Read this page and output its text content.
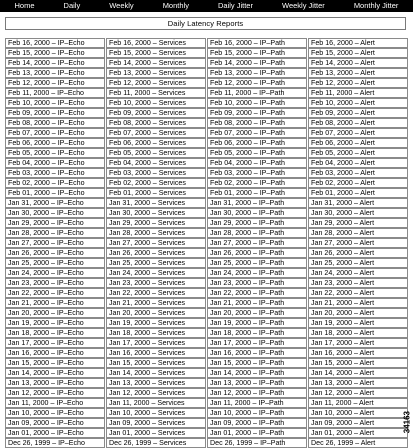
Home	Daily	Weekly	Monthly	Daily Jitter	Weekly Jitter	Monthly Jitter
Daily Latency Reports
Feb 16, 2000 – IP–Echo	Feb 16, 2000 – Services	Feb 16, 2000 – IP–Path	Feb 16, 2000 – Alert
Feb 15, 2000 – IP–Echo	Feb 15, 2000 – Services	Feb 15, 2000 – IP–Path	Feb 15, 2000 – Alert
Feb 14, 2000 – IP–Echo	Feb 14, 2000 – Services	Feb 14, 2000 – IP–Path	Feb 14, 2000 – Alert
Feb 13, 2000 – IP–Echo	Feb 13, 2000 – Services	Feb 13, 2000 – IP–Path	Feb 13, 2000 – Alert
Feb 12, 2000 – IP–Echo	Feb 12, 2000 – Services	Feb 12, 2000 – IP–Path	Feb 12, 2000 – Alert
Feb 11, 2000 – IP–Echo	Feb 11, 2000 – Services	Feb 11, 2000 – IP–Path	Feb 11, 2000 – Alert
Feb 10, 2000 – IP–Echo	Feb 10, 2000 – Services	Feb 10, 2000 – IP–Path	Feb 10, 2000 – Alert
Feb 09, 2000 – IP–Echo	Feb 09, 2000 – Services	Feb 09, 2000 – IP–Path	Feb 09, 2000 – Alert
Feb 08, 2000 – IP–Echo	Feb 08, 2000 – Services	Feb 08, 2000 – IP–Path	Feb 08, 2000 – Alert
Feb 07, 2000 – IP–Echo	Feb 07, 2000 – Services	Feb 07, 2000 – IP–Path	Feb 07, 2000 – Alert
Feb 06, 2000 – IP–Echo	Feb 06, 2000 – Services	Feb 06, 2000 – IP–Path	Feb 06, 2000 – Alert
Feb 05, 2000 – IP–Echo	Feb 05, 2000 – Services	Feb 05, 2000 – IP–Path	Feb 05, 2000 – Alert
Feb 04, 2000 – IP–Echo	Feb 04, 2000 – Services	Feb 04, 2000 – IP–Path	Feb 04, 2000 – Alert
Feb 03, 2000 – IP–Echo	Feb 03, 2000 – Services	Feb 03, 2000 – IP–Path	Feb 03, 2000 – Alert
Feb 02, 2000 – IP–Echo	Feb 02, 2000 – Services	Feb 02, 2000 – IP–Path	Feb 02, 2000 – Alert
Feb 01, 2000 – IP–Echo	Feb 01, 2000 – Services	Feb 01, 2000 – IP–Path	Feb 01, 2000 – Alert
Jan 31, 2000 – IP–Echo	Jan 31, 2000 – Services	Jan 31, 2000 – IP–Path	Jan 31, 2000 – Alert
Jan 30, 2000 – IP–Echo	Jan 30, 2000 – Services	Jan 30, 2000 – IP–Path	Jan 30, 2000 – Alert
Jan 29, 2000 – IP–Echo	Jan 29, 2000 – Services	Jan 29, 2000 – IP–Path	Jan 29, 2000 – Alert
Jan 28, 2000 – IP–Echo	Jan 28, 2000 – Services	Jan 28, 2000 – IP–Path	Jan 28, 2000 – Alert
Jan 27, 2000 – IP–Echo	Jan 27, 2000 – Services	Jan 27, 2000 – IP–Path	Jan 27, 2000 – Alert
Jan 26, 2000 – IP–Echo	Jan 26, 2000 – Services	Jan 26, 2000 – IP–Path	Jan 26, 2000 – Alert
Jan 25, 2000 – IP–Echo	Jan 25, 2000 – Services	Jan 25, 2000 – IP–Path	Jan 25, 2000 – Alert
Jan 24, 2000 – IP–Echo	Jan 24, 2000 – Services	Jan 24, 2000 – IP–Path	Jan 24, 2000 – Alert
Jan 23, 2000 – IP–Echo	Jan 23, 2000 – Services	Jan 23, 2000 – IP–Path	Jan 23, 2000 – Alert
Jan 22, 2000 – IP–Echo	Jan 22, 2000 – Services	Jan 22, 2000 – IP–Path	Jan 22, 2000 – Alert
Jan 21, 2000 – IP–Echo	Jan 21, 2000 – Services	Jan 21, 2000 – IP–Path	Jan 21, 2000 – Alert
Jan 20, 2000 – IP–Echo	Jan 20, 2000 – Services	Jan 20, 2000 – IP–Path	Jan 20, 2000 – Alert
Jan 19, 2000 – IP–Echo	Jan 19, 2000 – Services	Jan 19, 2000 – IP–Path	Jan 19, 2000 – Alert
Jan 18, 2000 – IP–Echo	Jan 18, 2000 – Services	Jan 18, 2000 – IP–Path	Jan 18, 2000 – Alert
Jan 17, 2000 – IP–Echo	Jan 17, 2000 – Services	Jan 17, 2000 – IP–Path	Jan 17, 2000 – Alert
Jan 16, 2000 – IP–Echo	Jan 16, 2000 – Services	Jan 16, 2000 – IP–Path	Jan 16, 2000 – Alert
Jan 15, 2000 – IP–Echo	Jan 15, 2000 – Services	Jan 15, 2000 – IP–Path	Jan 15, 2000 – Alert
Jan 14, 2000 – IP–Echo	Jan 14, 2000 – Services	Jan 14, 2000 – IP–Path	Jan 14, 2000 – Alert
Jan 13, 2000 – IP–Echo	Jan 13, 2000 – Services	Jan 13, 2000 – IP–Path	Jan 13, 2000 – Alert
Jan 12, 2000 – IP–Echo	Jan 12, 2000 – Services	Jan 12, 2000 – IP–Path	Jan 12, 2000 – Alert
Jan 11, 2000 – IP–Echo	Jan 11, 2000 – Services	Jan 11, 2000 – IP–Path	Jan 11, 2000 – Alert
Jan 10, 2000 – IP–Echo	Jan 10, 2000 – Services	Jan 10, 2000 – IP–Path	Jan 10, 2000 – Alert
Jan 09, 2000 – IP–Echo	Jan 09, 2000 – Services	Jan 09, 2000 – IP–Path	Jan 09, 2000 – Alert
Jan 01, 2000 – IP–Echo	Jan 01, 2000 – Services	Jan 01, 2000 – IP–Path	Jan 01, 2000 – Alert
Dec 26, 1999 – IP–Echo	Dec 26, 1999 – Services	Dec 26, 1999 – IP–Path	Dec 26, 1999 – Alert
34163
